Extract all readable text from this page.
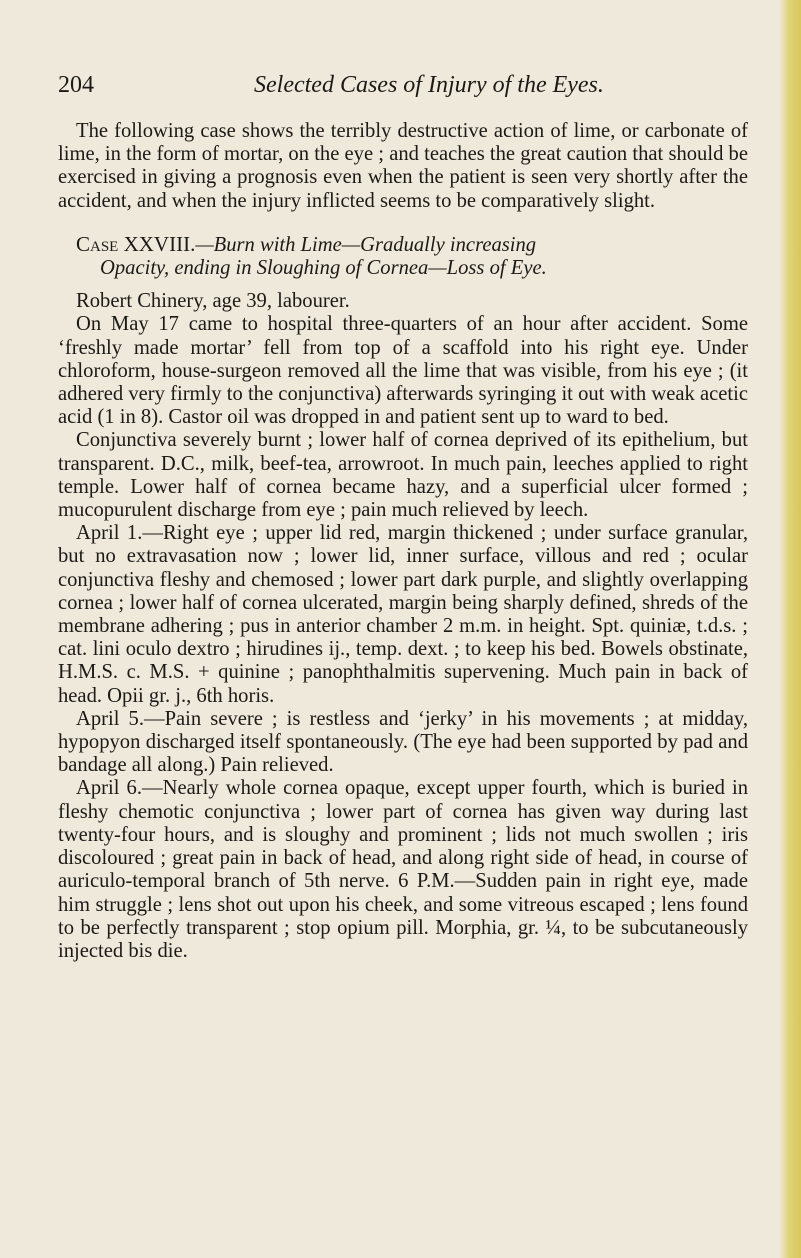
204	Selected Cases of Injury of the Eyes.

The following case shows the terribly destructive action of lime, or carbonate of lime, in the form of mortar, on the eye ; and teaches the great caution that should be exercised in giving a prognosis even when the patient is seen very shortly after the accident, and when the injury inflicted seems to be comparatively slight.

Case XXVIII.—Burn with Lime—Gradually increasing
Opacity, ending in Sloughing of Cornea—Loss of Eye.

Robert Chinery, age 39, labourer.

On May 17 came to hospital three-quarters of an hour after accident. Some ‘freshly made mortar’ fell from top of a scaffold into his right eye. Under chloroform, house-surgeon removed all the lime that was visible, from his eye ; (it adhered very firmly to the conjunctiva) afterwards syringing it out with weak acetic acid (1 in 8). Castor oil was dropped in and patient sent up to ward to bed.

Conjunctiva severely burnt ; lower half of cornea deprived of its epithelium, but transparent. D.C., milk, beef-tea, arrowroot. In much pain, leeches applied to right temple. Lower half of cornea became hazy, and a superficial ulcer formed ; mucopurulent discharge from eye ; pain much relieved by leech.

April 1.—Right eye ; upper lid red, margin thickened ; under surface granular, but no extravasation now ; lower lid, inner surface, villous and red ; ocular conjunctiva fleshy and chemosed ; lower part dark purple, and slightly overlapping cornea ; lower half of cornea ulcerated, margin being sharply defined, shreds of the membrane adhering ; pus in anterior chamber 2 m.m. in height. Spt. quiniæ, t.d.s. ; cat. lini oculo dextro ; hirudines ij., temp. dext. ; to keep his bed. Bowels obstinate, H.M.S. c. M.S. + quinine ; panophthalmitis supervening. Much pain in back of head. Opii gr. j., 6th horis.

April 5.—Pain severe ; is restless and ‘jerky’ in his movements ; at midday, hypopyon discharged itself spontaneously. (The eye had been supported by pad and bandage all along.) Pain relieved.

April 6.—Nearly whole cornea opaque, except upper fourth, which is buried in fleshy chemotic conjunctiva ; lower part of cornea has given way during last twenty-four hours, and is sloughy and prominent ; lids not much swollen ; iris discoloured ; great pain in back of head, and along right side of head, in course of auriculo-temporal branch of 5th nerve. 6 P.M.—Sudden pain in right eye, made him struggle ; lens shot out upon his cheek, and some vitreous escaped ; lens found to be perfectly transparent ; stop opium pill. Morphia, gr. ¼, to be subcutaneously injected bis die.
